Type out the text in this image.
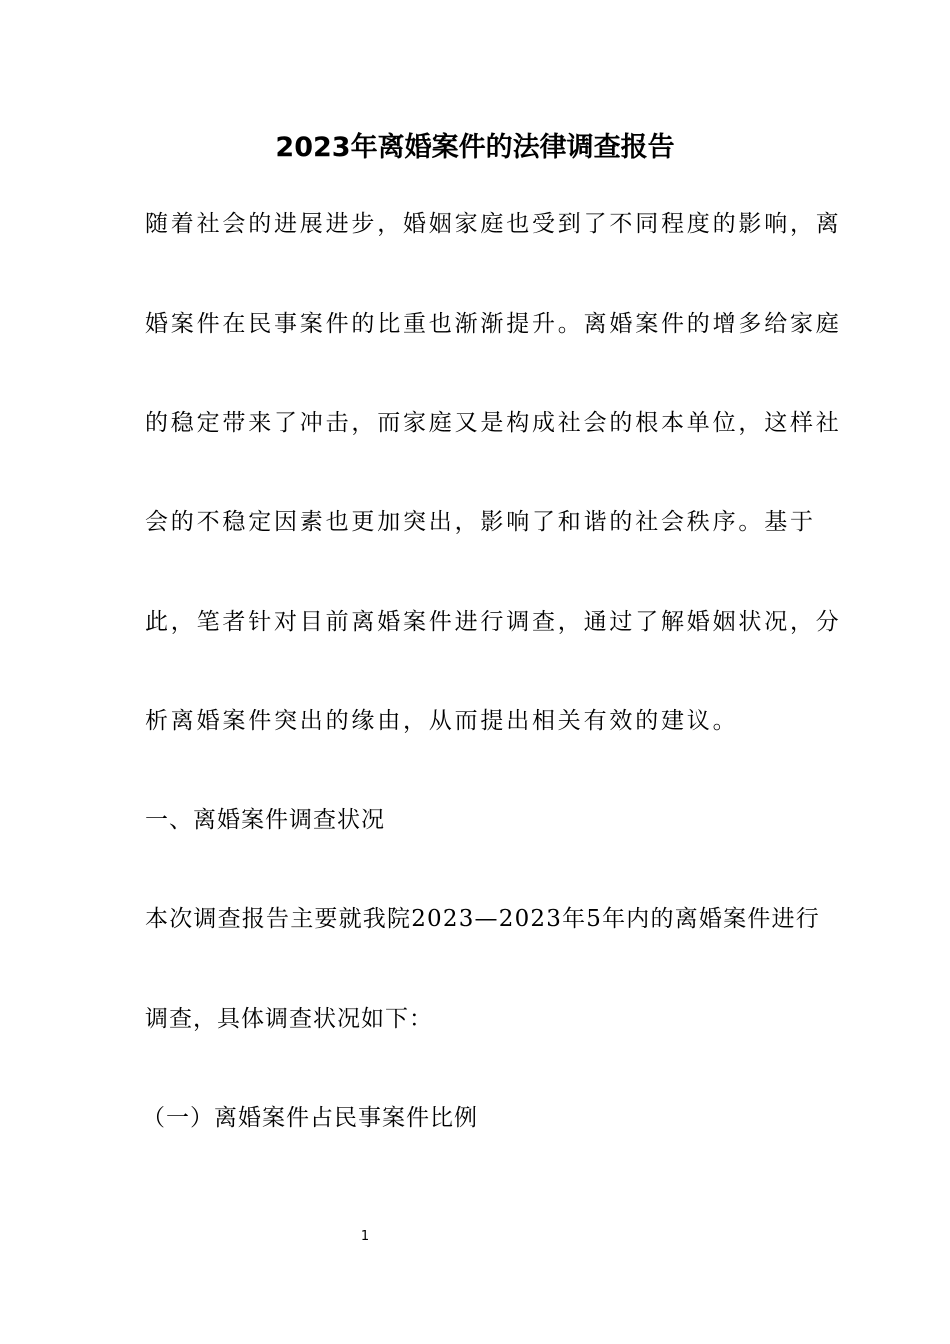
2023年离婚案件的法律调查报告
随着社会的进展进步，婚姻家庭也受到了不同程度的影响，离
婚案件在民事案件的比重也渐渐提升。离婚案件的增多给家庭
的稳定带来了冲击，而家庭又是构成社会的根本单位，这样社
会的不稳定因素也更加突出，影响了和谐的社会秩序。基于
此，笔者针对目前离婚案件进行调查，通过了解婚姻状况，分
析离婚案件突出的缘由，从而提出相关有效的建议。
一、离婚案件调查状况
本次调查报告主要就我院2023—2023年5年内的离婚案件进行
调查，具体调查状况如下：
（一）离婚案件占民事案件比例
1
